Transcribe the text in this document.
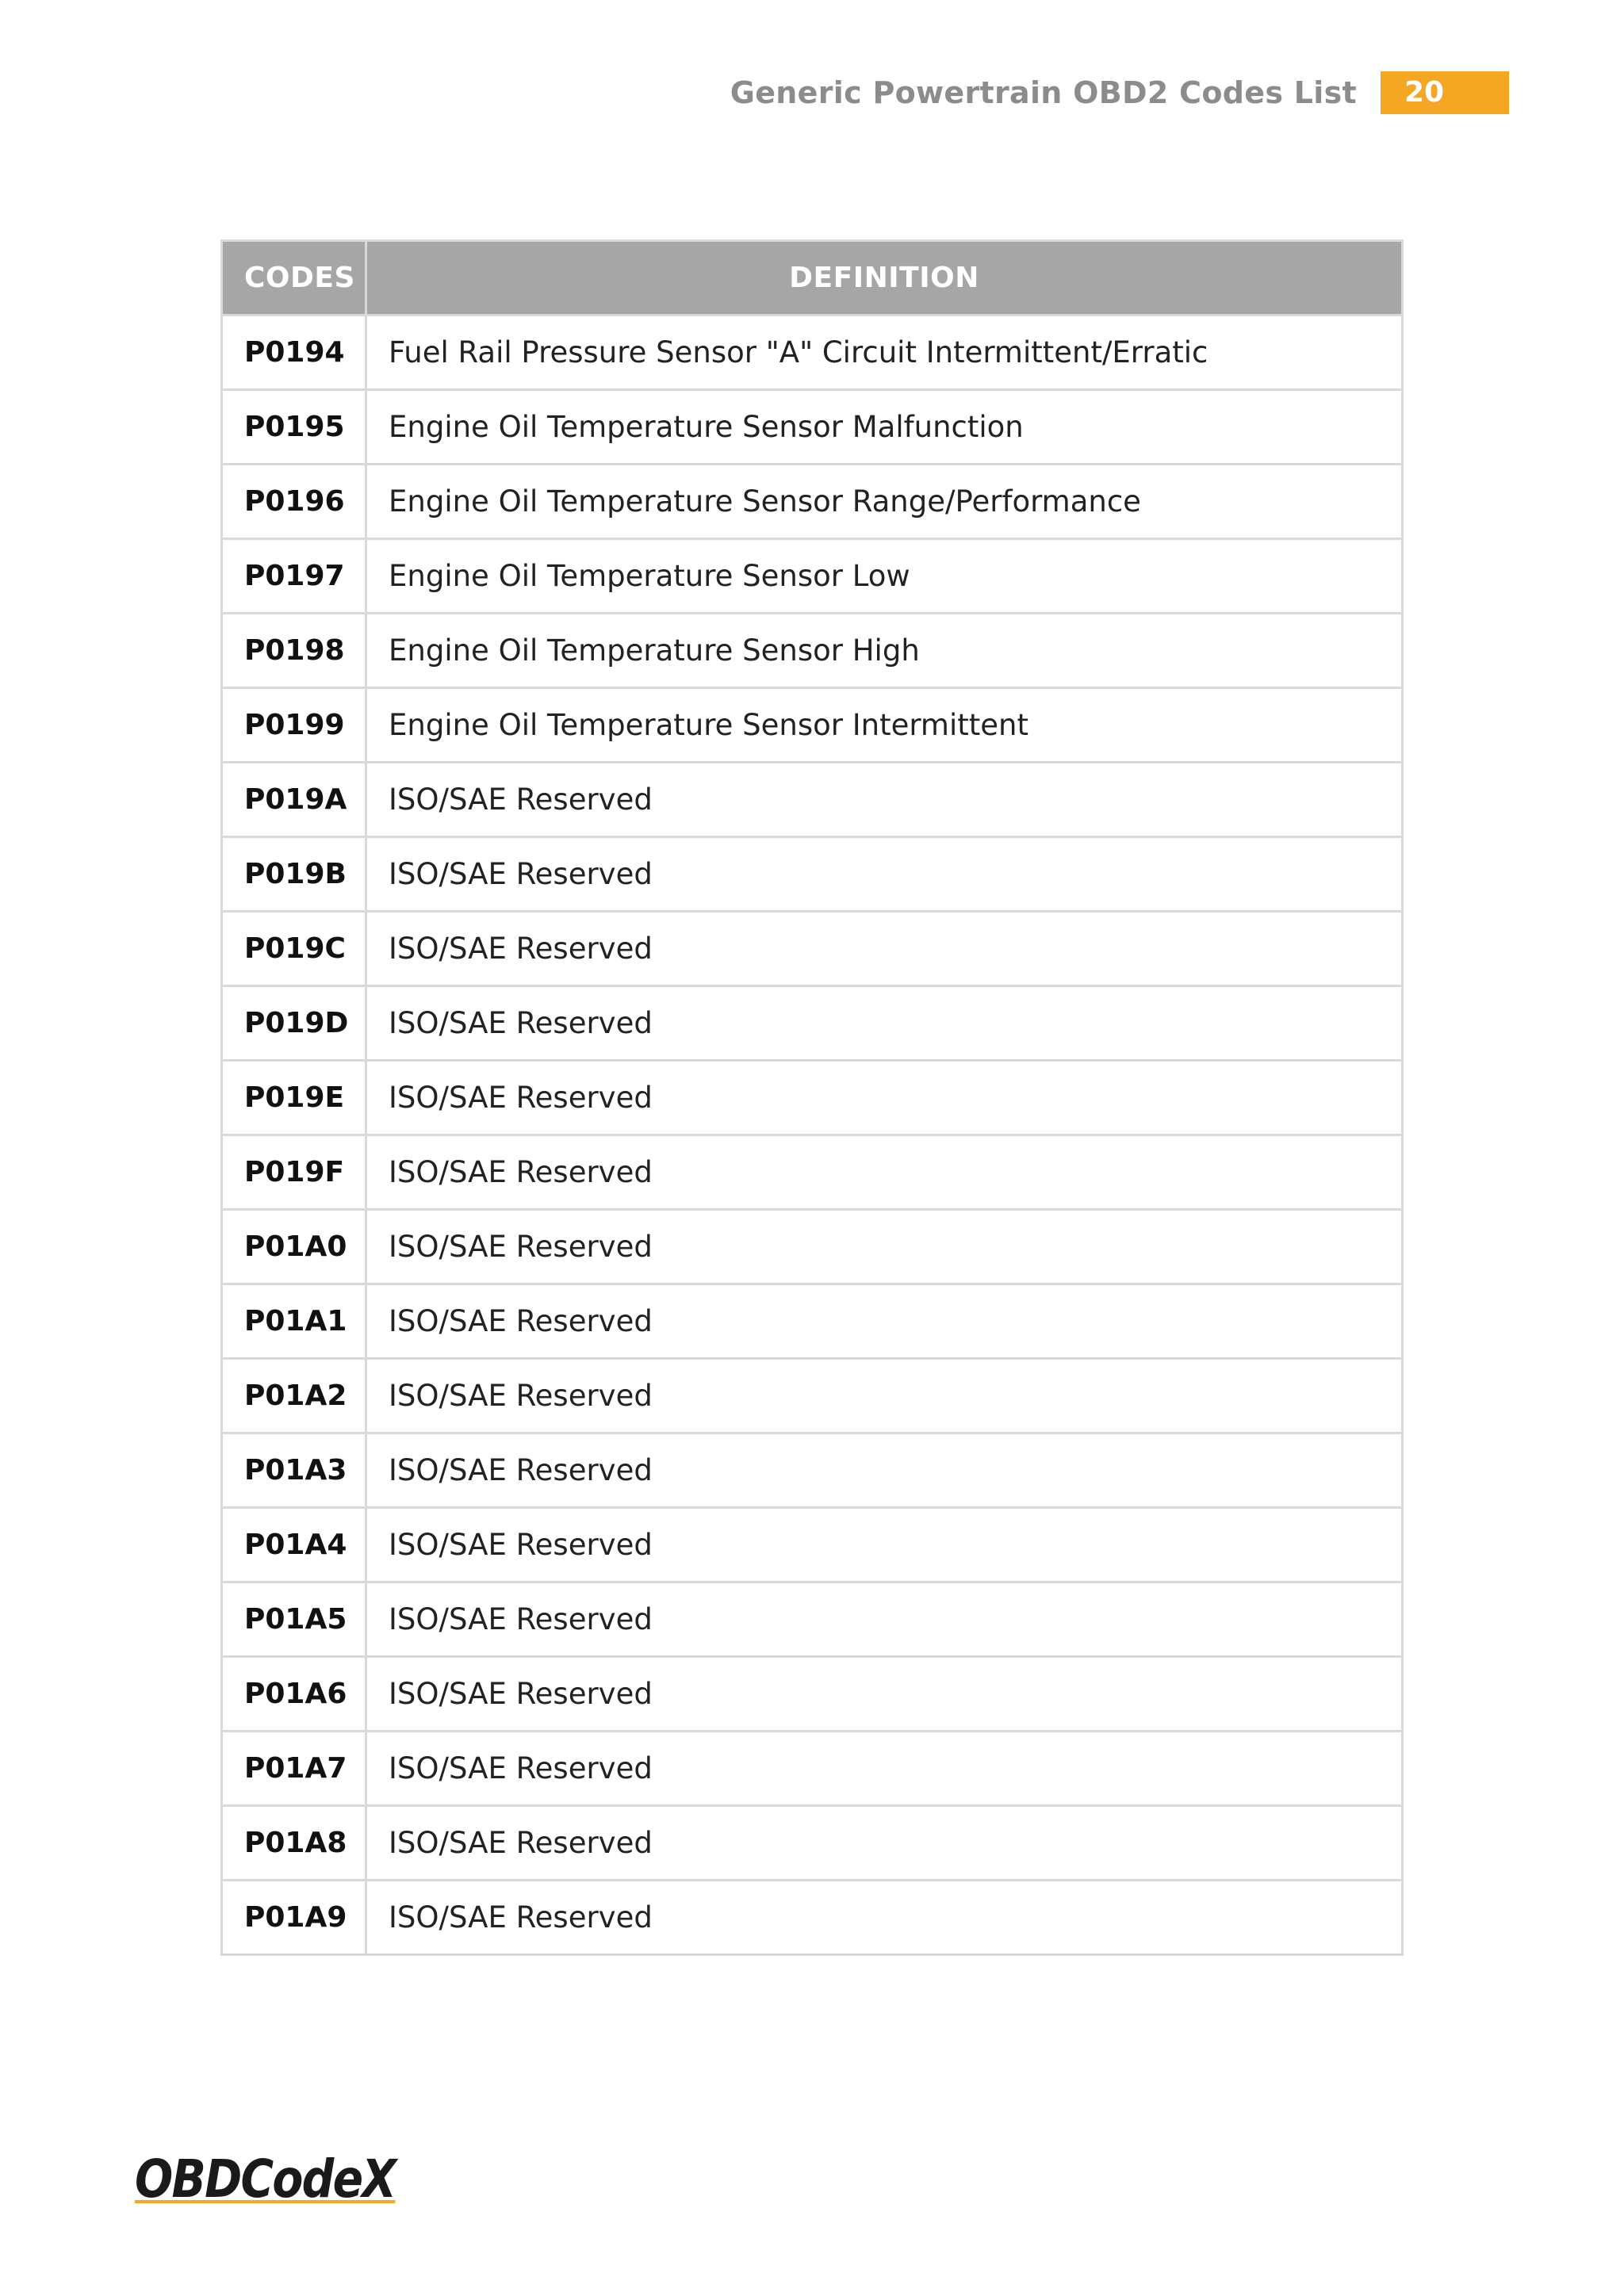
Generic Powertrain OBD2 Codes List	20
CODES	DEFINITION
P0194	Fuel Rail Pressure Sensor "A" Circuit Intermittent/Erratic
P0195	Engine Oil Temperature Sensor Malfunction
P0196	Engine Oil Temperature Sensor Range/Performance
P0197	Engine Oil Temperature Sensor Low
P0198	Engine Oil Temperature Sensor High
P0199	Engine Oil Temperature Sensor Intermittent
P019A	ISO/SAE Reserved
P019B	ISO/SAE Reserved
P019C	ISO/SAE Reserved
P019D	ISO/SAE Reserved
P019E	ISO/SAE Reserved
P019F	ISO/SAE Reserved
P01A0	ISO/SAE Reserved
P01A1	ISO/SAE Reserved
P01A2	ISO/SAE Reserved
P01A3	ISO/SAE Reserved
P01A4	ISO/SAE Reserved
P01A5	ISO/SAE Reserved
P01A6	ISO/SAE Reserved
P01A7	ISO/SAE Reserved
P01A8	ISO/SAE Reserved
P01A9	ISO/SAE Reserved
OBDCodeX
